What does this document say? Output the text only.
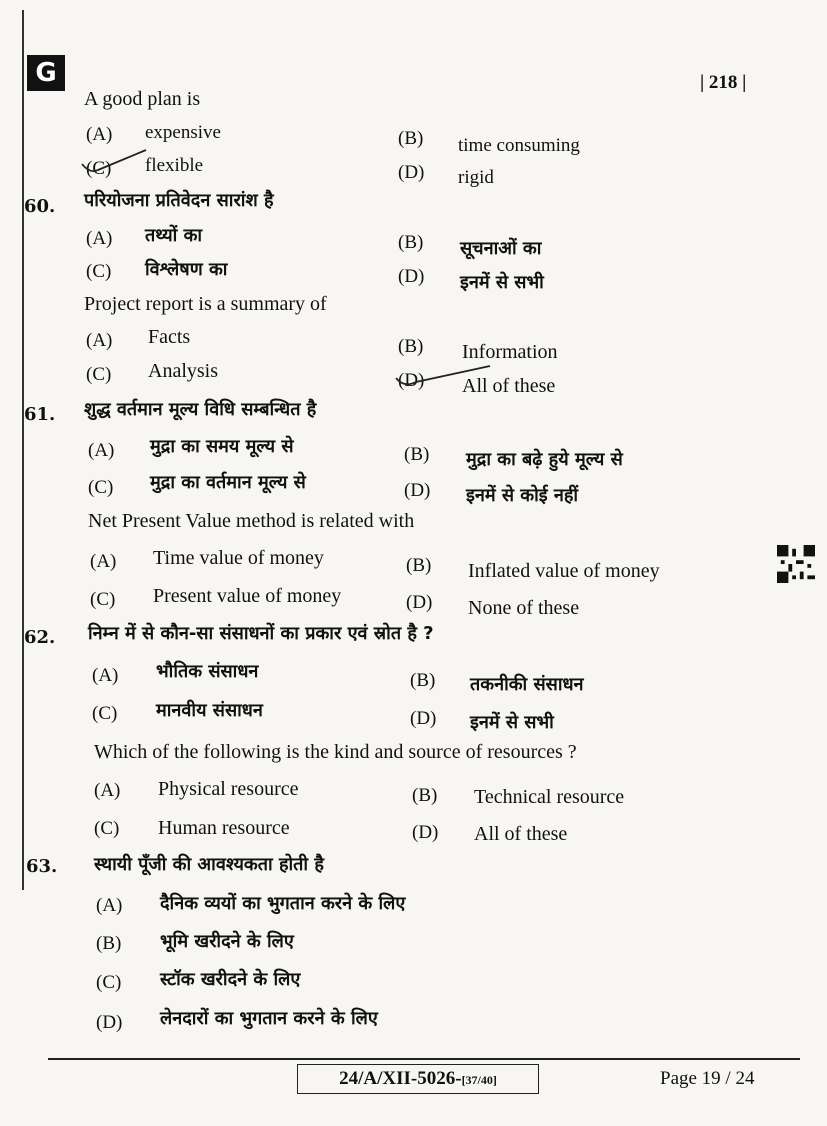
G	| 218 |
A good plan is
(A) expensive	(B) time consuming
(C) flexible	(D) rigid
60. परियोजना प्रतिवेदन सारांश है
(A) तथ्यों का	(B) सूचनाओं का
(C) विश्लेषण का	(D) इनमें से सभी
Project report is a summary of
(A) Facts	(B) Information
(C) Analysis	(D) All of these
61. शुद्ध वर्तमान मूल्य विधि सम्बन्धित है
(A) मुद्रा का समय मूल्य से	(B) मुद्रा का बढ़े हुये मूल्य से
(C) मुद्रा का वर्तमान मूल्य से	(D) इनमें से कोई नहीं
Net Present Value method is related with
(A) Time value of money	(B) Inflated value of money
(C) Present value of money	(D) None of these
62. निम्न में से कौन-सा संसाधनों का प्रकार एवं स्रोत है ?
(A) भौतिक संसाधन	(B) तकनीकी संसाधन
(C) मानवीय संसाधन	(D) इनमें से सभी
Which of the following is the kind and source of resources ?
(A) Physical resource	(B) Technical resource
(C) Human resource	(D) All of these
63. स्थायी पूँजी की आवश्यकता होती है
(A) दैनिक व्ययों का भुगतान करने के लिए
(B) भूमि खरीदने के लिए
(C) स्टॉक खरीदने के लिए
(D) लेनदारों का भुगतान करने के लिए
24/A/XII-5026-[37/40]	Page 19 / 24
